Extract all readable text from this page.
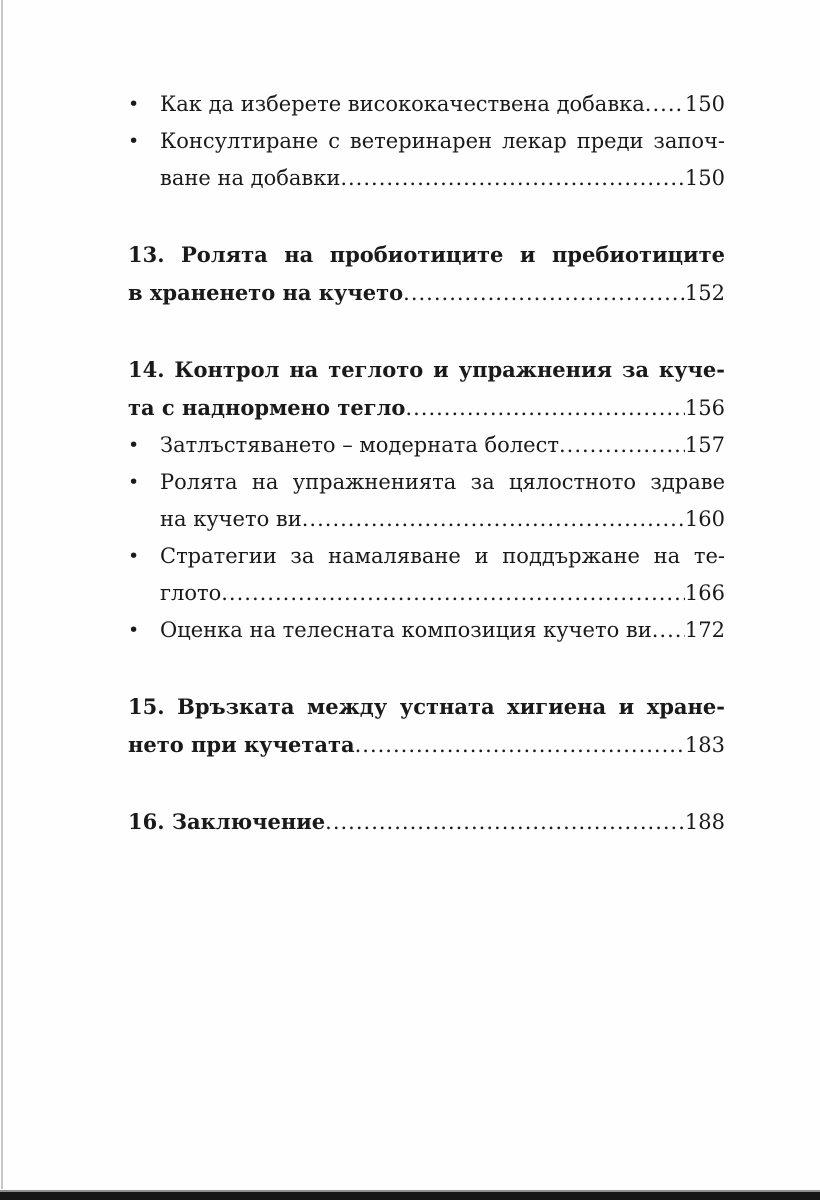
• Как да изберете висококачествена добавка ..... 150
• Консултиране с ветеринарен лекар преди започ-
ване на добавки .....	150
13. Ролята на пробиотиците и пребиотиците
в храненето на кучето .....	152
14. Контрол на теглото и упражнения за куче-
та с наднормено тегло .....	156
• Затлъстяването – модерната болест .....	157
• Ролята на упражненията за цялостното здраве
на кучето ви .....	160
• Стратегии за намаляване и поддържане на те-
глото .....	166
• Оценка на телесната композиция кучето ви ..... 172
15. Връзката между устната хигиена и хране-
нето при кучетата .....	183
16. Заключение .....	188
